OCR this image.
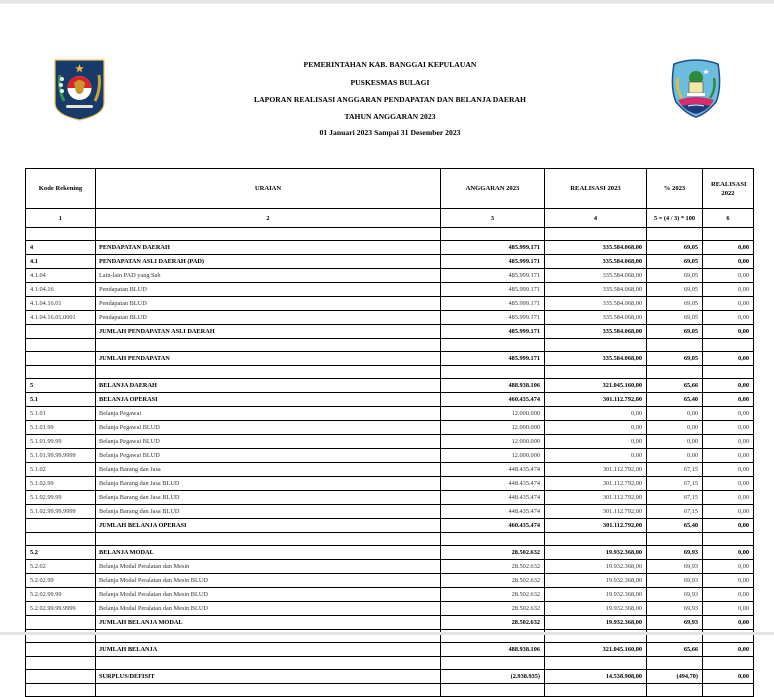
PEMERINTAHAN KAB. BANGGAI KEPULAUAN
PUSKESMAS BULAGI
LAPORAN REALISASI ANGGARAN PENDAPATAN DAN BELANJA DAERAH
TAHUN ANGGARAN 2023
01 Januari 2023 Sampai 31 Desember 2023
Kode Rekening	URAIAN	ANGGARAN 2023	REALISASI 2023	% 2023	REALISASI 2022
1	2	3	4	5 = (4 / 3) * 100	6

4	PENDAPATAN DAERAH	485.999.171	335.584.068,00	69,05	0,00
4.1	PENDAPATAN ASLI DAERAH (PAD)	485.999.171	335.584.068,00	69,05	0,00
4.1.04	Lain-lain PAD yang Sah	485.999.171	335.584.068,00	69,05	0,00
4.1.04.16	Pendapatan BLUD	485.999.171	335.584.068,00	69,05	0,00
4.1.04.16.01	Pendapatan BLUD	485.999.171	335.584.068,00	69,05	0,00
4.1.04.16.01.0001	Pendapatan BLUD	485.999.171	335.584.068,00	69,05	0,00
	JUMLAH PENDAPATAN ASLI DAERAH	485.999.171	335.584.068,00	69,05	0,00

	JUMLAH PENDAPATAN	485.999.171	335.584.068,00	69,05	0,00

5	BELANJA DAERAH	488.938.106	321.045.160,00	65,66	0,00
5.1	BELANJA OPERASI	460.435.474	301.112.792,00	65,40	0,00
5.1.01	Belanja Pegawai	12.000.000	0,00	0,00	0,00
5.1.01.99	Belanja Pegawai BLUD	12.000.000	0,00	0,00	0,00
5.1.01.99.99	Belanja Pegawai BLUD	12.000.000	0,00	0,00	0,00
5.1.01.99.99.9999	Belanja Pegawai BLUD	12.000.000	0,00	0,00	0,00
5.1.02	Belanja Barang dan Jasa	448.435.474	301.112.792,00	67,15	0,00
5.1.02.99	Belanja Barang dan Jasa BLUD	448.435.474	301.112.792,00	67,15	0,00
5.1.02.99.99	Belanja Barang dan Jasa BLUD	448.435.474	301.112.792,00	67,15	0,00
5.1.02.99.99.9999	Belanja Barang dan Jasa BLUD	448.435.474	301.112.792,00	67,15	0,00
	JUMLAH BELANJA OPERASI	460.435.474	301.112.792,00	65,40	0,00

5.2	BELANJA MODAL	28.502.632	19.932.368,00	69,93	0,00
5.2.02	Belanja Modal Peralatan dan Mesin	28.502.632	19.932.368,00	69,93	0,00
5.2.02.99	Belanja Modal Peralatan dan Mesin BLUD	28.502.632	19.932.368,00	69,93	0,00
5.2.02.99.99	Belanja Modal Peralatan dan Mesin BLUD	28.502.632	19.932.368,00	69,93	0,00
5.2.02.99.99.9999	Belanja Modal Peralatan dan Mesin BLUD	28.502.632	19.932.368,00	69,93	0,00
	JUMLAH BELANJA MODAL	28.502.632	19.932.368,00	69,93	0,00

	JUMLAH BELANJA	488.938.106	321.045.160,00	65,66	0,00

	SURPLUS/DEFISIT	(2.938.935)	14.538.908,00	(494,70)	0,00
